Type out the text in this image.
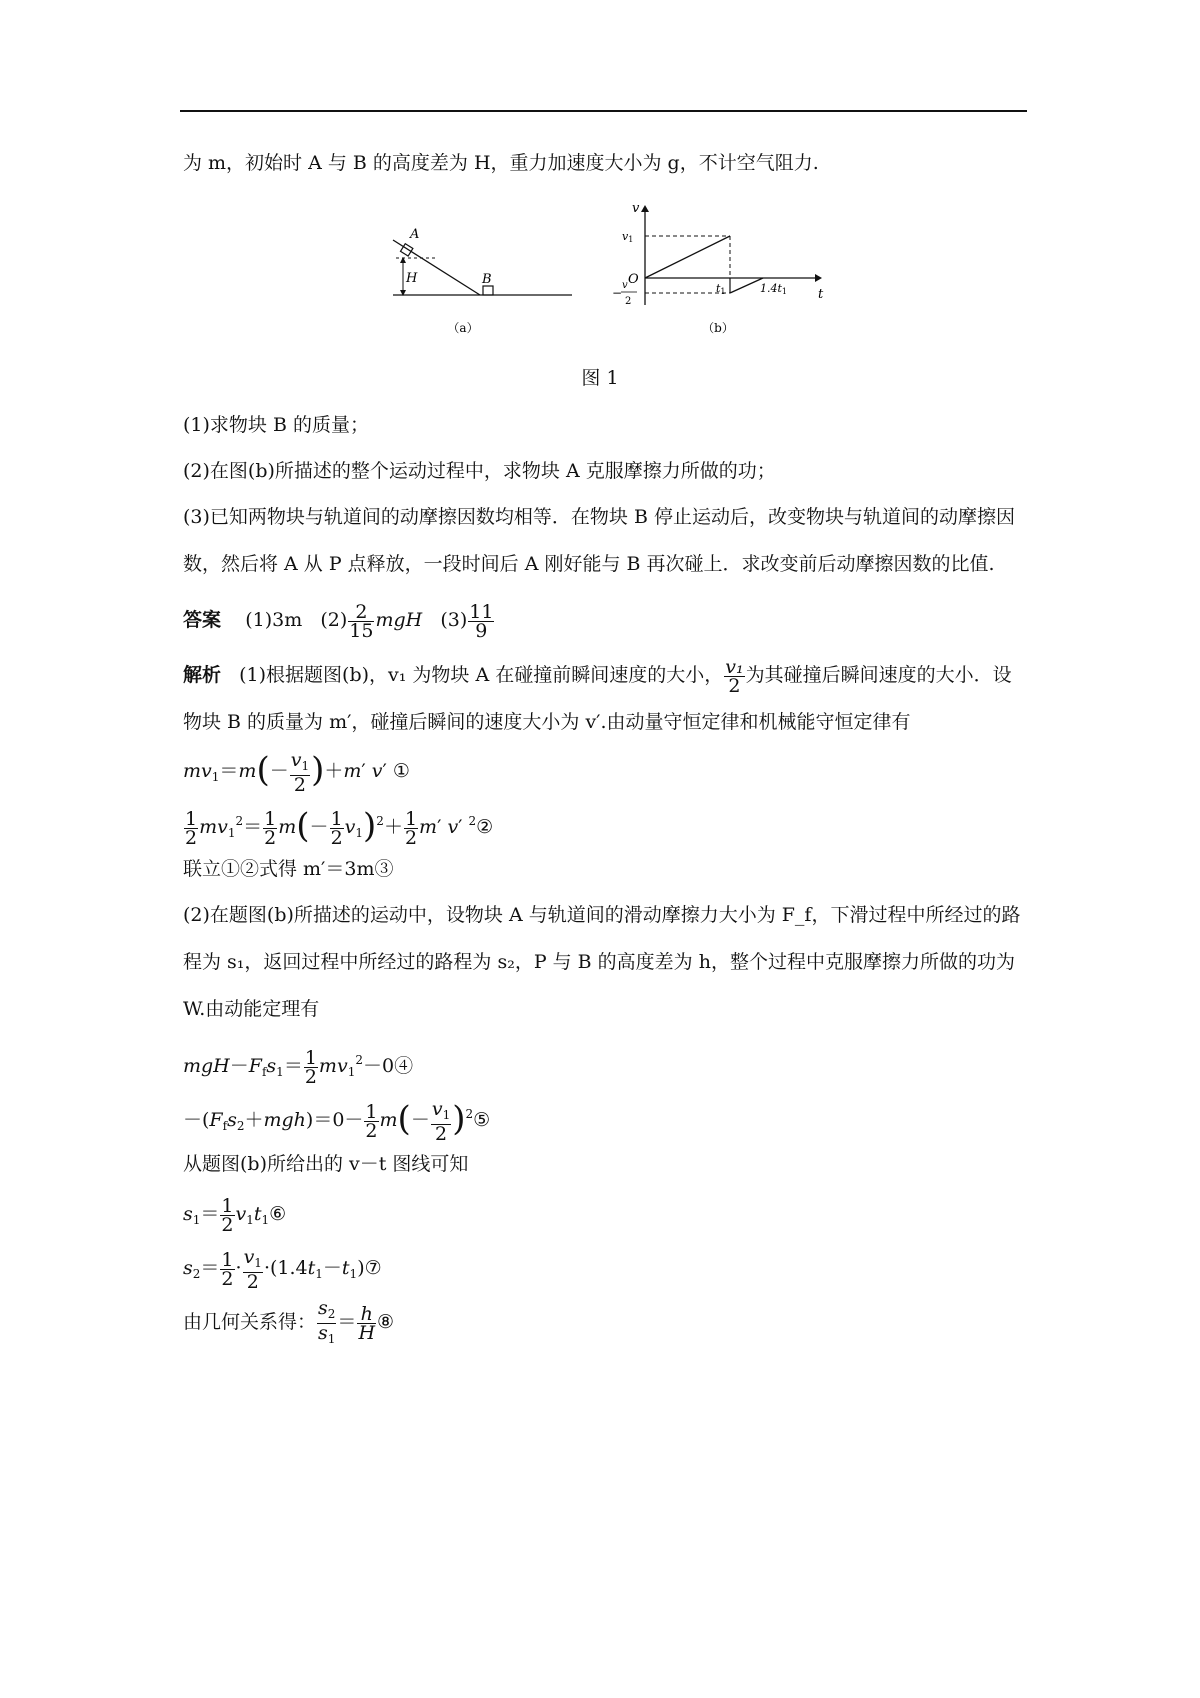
为 m，初始时 A 与 B 的高度差为 H，重力加速度大小为 g，不计空气阻力.
A
H	B
（a）
v
t
O
v1
−
v
2
t1	1.4t1
（b）
图 1
(1)求物块 B 的质量；
(2)在图(b)所描述的整个运动过程中，求物块 A 克服摩擦力所做的功；
(3)已知两物块与轨道间的动摩擦因数均相等．在物块 B 停止运动后，改变物块与轨道间的动摩擦因数，然后将 A 从 P 点释放，一段时间后 A 刚好能与 B 再次碰上．求改变前后动摩擦因数的比值.
答案 (1)3m $(2) \frac{2}{15}$ mgH $(3) \frac{11}{9}$
解析 (1)根据题图(b)，v₁ 为物块 A 在碰撞前瞬间速度的大小， $\frac{\text{v₁}}{2}$ 为其碰撞后瞬间速度的大小．设物块 B 的质量为 m′，碰撞后瞬间的速度大小为 v′.由动量守恒定律和机械能守恒定律有
$mv_1=m(- \frac{v_1}{2} )+m'$ v′ ①
$\frac{1}{2} mv_1^2= \frac{1}{2} m(- \frac{1}{2} v_1)^2+ \frac{1}{2} m'$ v′ $^2$②
联立①②式得 m′＝3m③
(2)在题图(b)所描述的运动中，设物块 A 与轨道间的滑动摩擦力大小为 F_f，下滑过程中所经过的路程为 s₁，返回过程中所经过的路程为 s₂，P 与 B 的高度差为 h，整个过程中克服摩擦力所做的功为 W.由动能定理有
$mgH-F_fs_1= \frac{1}{2}$ $mv_1^2-0④$
$-(F_fs_2+mgh)=0- \frac{1}{2} m(- \frac{v_1}{2}$ )$^2⑤$
从题图(b)所给出的 v－t 图线可知
$s_1= \frac{1}{2}$ $v_1t_1⑥$
$s_2= \frac{1}{2} \cdot \frac{v_1}{2}$ $\cdot(1.4t_1-t_1)⑦$
由几何关系得： $\frac{s_2}{s_1} = \frac{h}{H}$ ⑧
